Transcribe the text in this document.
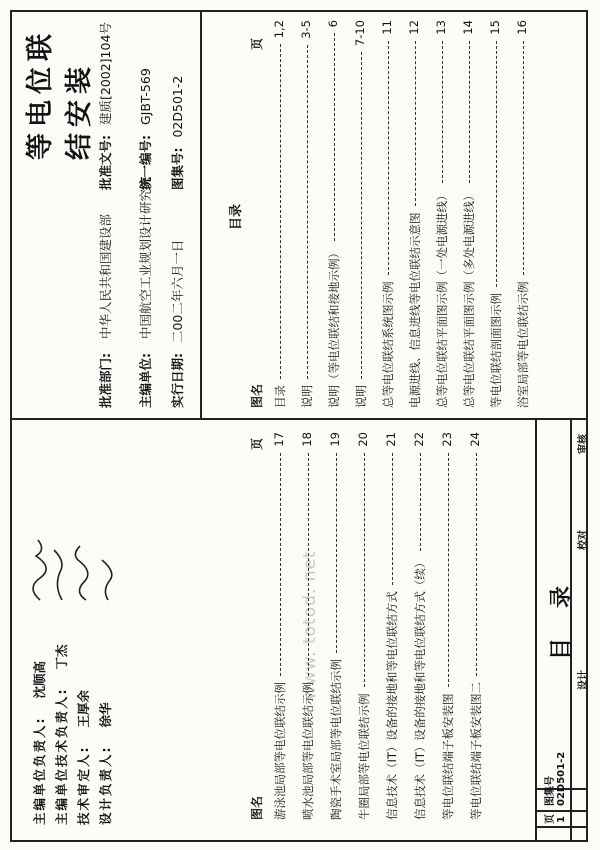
等电位联结安装
批准部门: 中华人民共和国建设部
主编单位: 中国航空工业规划设计研究院
实行日期: 二00二年六月一日
批准文号: 建质[2002]104号
统一编号: GJBT-569
图集号: 02D501-2
目录
图名
页
目录
1,2
说明
3-5
说明（等电位联结和接地示例）
6
说明
7-10
总等电位联结系统图示例
11
电源进线、信息进线等电位联结示意图
12
总等电位联结平面图示例（一处电源进线）
13
总等电位联结平面图示例（多处电源进线）
14
等电位联结剖面图示例
15
浴室局部等电位联结示例
16
主编单位负责人: 沈顺高
主编单位技术负责人: 丁杰
技术审定人: 王厚余
设计负责人: 徐华
www. totod. net
图名
页
游泳池局部等电位联结示例
17
喷水池局部等电位联结示例
18
陶瓷手术室局部等电位联结示例
19
牛圈局部等电位联结示例
20
信息技术（IT）设备的接地和等电位联结方式
21
信息技术（IT）设备的接地和等电位联结方式（续）
22
等电位联结端子板安装图
23
等电位联结端子板安装图二
24
目录
图集号 02D501-2
页 1
审核
校对
设计
